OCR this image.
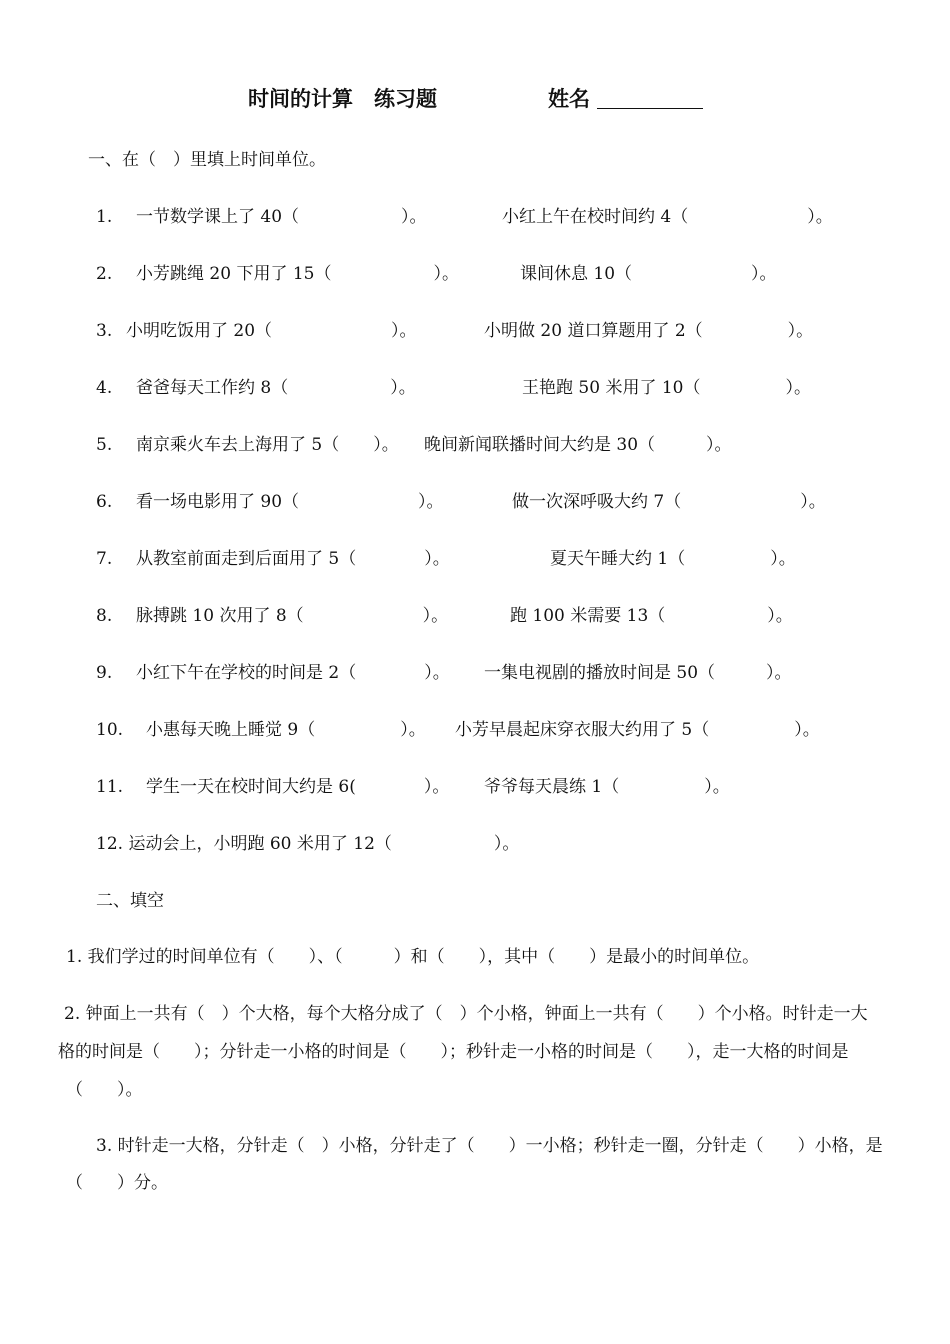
时间的计算　练习题	姓名
一、在（　）里填上时间单位。
1. 一节数学课上了 40（　　　　　　）。	小红上午在校时间约 4（　　　　　　　）。
2. 小芳跳绳 20 下用了 15（　　　　　　）。	课间休息 10（　　　　　　　）。
3. 小明吃饭用了 20（　　　　　　　）。	小明做 20 道口算题用了 2（　　　　　）。
4. 爸爸每天工作约 8（　　　　　　）。	王艳跑 50 米用了 10（　　　　　）。
5. 南京乘火车去上海用了 5（　　）。 晚间新闻联播时间大约是 30（　　　）。
6. 看一场电影用了 90（　　　　　　　）。	做一次深呼吸大约 7（　　　　　　　）。
7. 从教室前面走到后面用了 5（　　　　）。	夏天午睡大约 1（　　　　　）。
8. 脉搏跳 10 次用了 8（　　　　　　　）。	跑 100 米需要 13（　　　　　　）。
9. 小红下午在学校的时间是 2（　　　　）。 一集电视剧的播放时间是 50（　　　）。
10. 小惠每天晚上睡觉 9（　　　　　）。 小芳早晨起床穿衣服大约用了 5（　　　　　）。
11. 学生一天在校时间大约是 6(　　　　）。 爷爷每天晨练 1（　　　　　）。
12. 运动会上，小明跑 60 米用了 12（　　　　　　）。
二、填空
1. 我们学过的时间单位有（　　）、（　　　）和（　　），其中（　　）是最小的时间单位。
2. 钟面上一共有（　）个大格，每个大格分成了（　）个小格，钟面上一共有（　　）个小格。时针走一大
格的时间是（　　）；分针走一小格的时间是（　　）；秒针走一小格的时间是（　　），走一大格的时间是
（　　）。
3. 时针走一大格，分针走（　）小格，分针走了（　　）一小格；秒针走一圈，分针走（　　）小格，是
（　　）分。
